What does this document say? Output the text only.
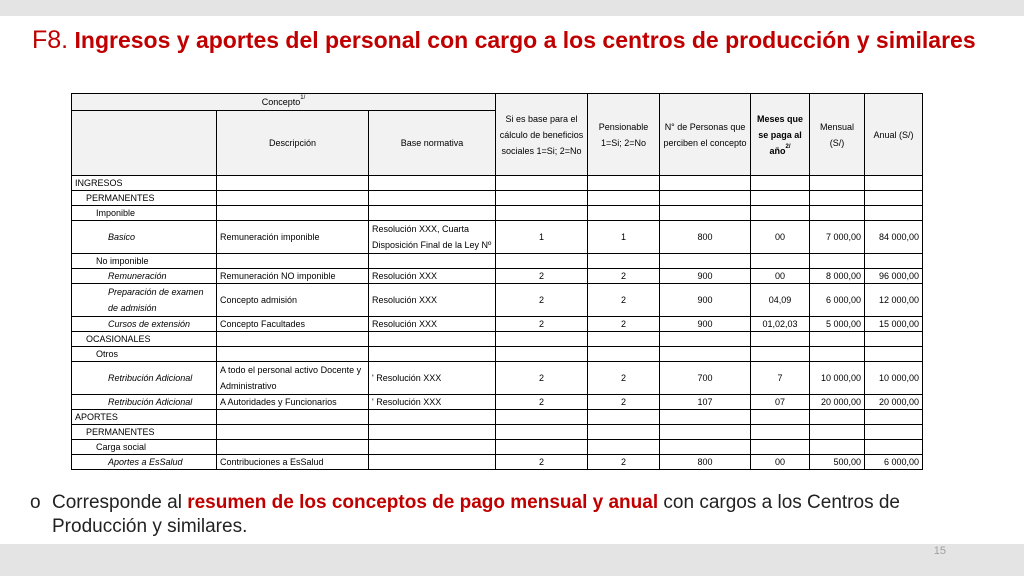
F8. Ingresos y aportes del personal con cargo a los centros de producción y similares
Concepto$^{1/}$			Si es base para el cálculo de beneficios sociales 1=Si; 2=No	Pensionable 1=Si; 2=No	N° de Personas que perciben el concepto	Meses que se paga al año$^{2/}$	Mensual (S/)	Anual (S/)
	Descripción	Base normativa						
INGRESOS								
PERMANENTES								
Imponible								
Basico	Remuneración imponible	Resolución XXX, Cuarta Disposición Final de la Ley Nº	1	1	800	00	7 000,00	84 000,00
No imponible								
Remuneración	Remuneración NO imponible	Resolución XXX	2	2	900	00	8 000,00	96 000,00
Preparación de examen de admisión	Concepto admisión	Resolución XXX	2	2	900	04,09	6 000,00	12 000,00
Cursos de extensión	Concepto Facultades	Resolución XXX	2	2	900	01,02,03	5 000,00	15 000,00
OCASIONALES								
Otros								
Retribución Adicional	A todo el personal activo Docente y Administrativo	' Resolución XXX	2	2	700	7	10 000,00	10 000,00
Retribución Adicional	A Autoridades y Funcionarios	' Resolución XXX	2	2	107	07	20 000,00	20 000,00
APORTES								
PERMANENTES								
Carga social								
Aportes a EsSalud	Contribuciones a EsSalud		2	2	800	00	500,00	6 000,00
o Corresponde al resumen de los conceptos de pago mensual y anual con cargos a los Centros de Producción y similares.
15
